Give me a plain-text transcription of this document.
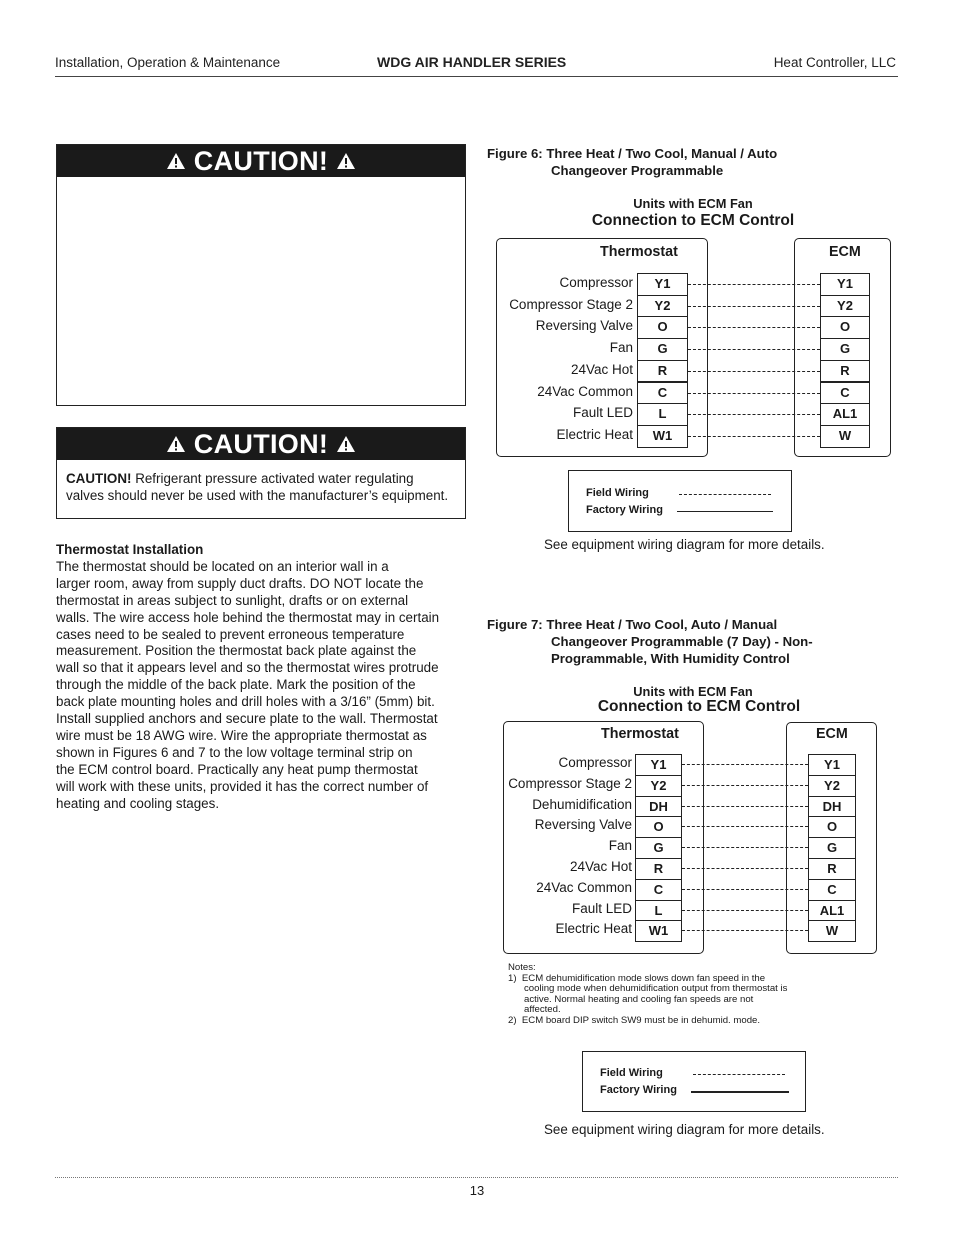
Installation, Operation & Maintenance	WDG AIR HANDLER SERIES	Heat Controller, LLC
CAUTION!
CAUTION!
CAUTION! Refrigerant pressure activated water regulating
valves should never be used with the manufacturer’s equipment.
Thermostat Installation
The thermostat should be located on an interior wall in a
larger room, away from supply duct drafts. DO NOT locate the
thermostat in areas subject to sunlight, drafts or on external
walls. The wire access hole behind the thermostat may in certain
cases need to be sealed to prevent erroneous temperature
measurement. Position the thermostat back plate against the
wall so that it appears level and so the thermostat wires protrude
through the middle of the back plate. Mark the position of the
back plate mounting holes and drill holes with a 3/16” (5mm) bit.
Install supplied anchors and secure plate to the wall. Thermostat
wire must be 18 AWG wire. Wire the appropriate thermostat as
shown in Figures 6 and 7 to the low voltage terminal strip on
the ECM control board. Practically any heat pump thermostat
will work with these units, provided it has the correct number of
heating and cooling stages.
Figure 6: Three Heat / Two Cool, Manual / Auto
Changeover Programmable
Units with ECM Fan
Connection to ECM Control
Thermostat	ECM
Compressor	Y1	Y1
Compressor Stage 2	Y2	Y2
Reversing Valve	O	O
Fan	G	G
24Vac Hot	R	R
24Vac Common	C	C
Fault LED	L	AL1
Electric Heat	W1	W
Field Wiring
Factory Wiring
See equipment wiring diagram for more details.
Figure 7: Three Heat / Two Cool, Auto / Manual
Changeover Programmable (7 Day) - Non-
Programmable, With Humidity Control
Units with ECM Fan
Connection to ECM Control
Thermostat	ECM
Compressor	Y1	Y1
Compressor Stage 2	Y2	Y2
Dehumidification	DH	DH
Reversing Valve	O	O
Fan	G	G
24Vac Hot	R	R
24Vac Common	C	C
Fault LED	L	AL1
Electric Heat	W1	W
Notes:
1)  ECM dehumidification mode slows down fan speed in the
cooling mode when dehumidification output from thermostat is
active. Normal heating and cooling fan speeds are not
affected.
2)  ECM board DIP switch SW9 must be in dehumid. mode.
Field Wiring
Factory Wiring
See equipment wiring diagram for more details.
13
